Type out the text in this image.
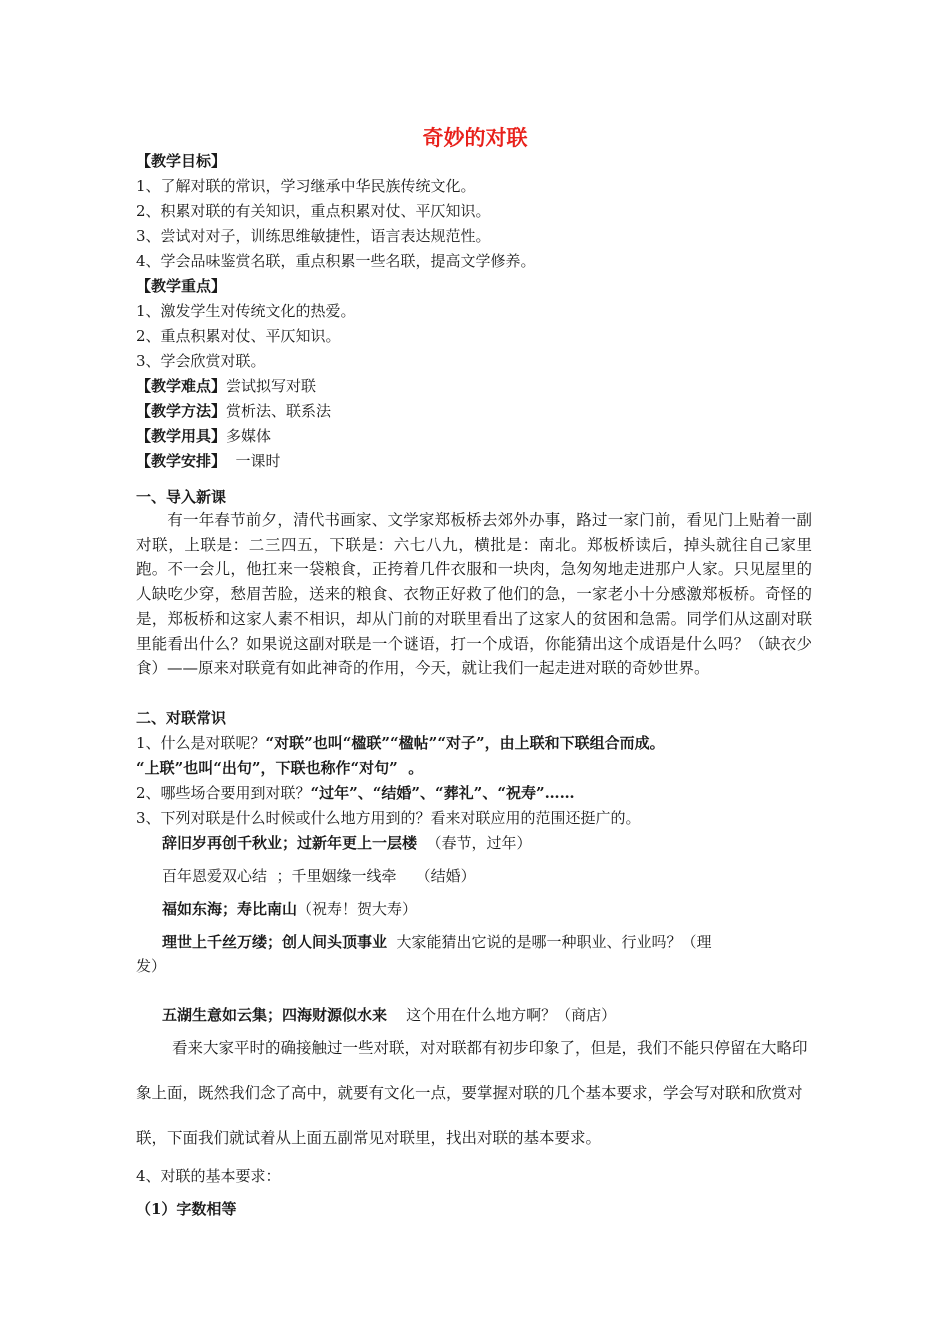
奇妙的对联
【教学目标】
1、了解对联的常识，学习继承中华民族传统文化。
2、积累对联的有关知识，重点积累对仗、平仄知识。
3、尝试对对子，训练思维敏捷性，语言表达规范性。
4、学会品味鉴赏名联，重点积累一些名联，提高文学修养。
【教学重点】
1、激发学生对传统文化的热爱。
2、重点积累对仗、平仄知识。
3、学会欣赏对联。
【教学难点】尝试拟写对联
【教学方法】赏析法、联系法
【教学用具】多媒体
【教学安排】  一课时
一、导入新课

有一年春节前夕，清代书画家、文学家郑板桥去郊外办事，路过一家门前，看见门上贴着一副对联，上联是：二三四五，下联是：六七八九，横批是：南北。郑板桥读后，掉头就往自己家里跑。不一会儿，他扛来一袋粮食，正挎着几件衣服和一块肉，急匆匆地走进那户人家。只见屋里的人缺吃少穿，愁眉苦脸，送来的粮食、衣物正好救了他们的急，一家老小十分感激郑板桥。奇怪的是，郑板桥和这家人素不相识，却从门前的对联里看出了这家人的贫困和急需。同学们从这副对联里能看出什么？如果说这副对联是一个谜语，打一个成语，你能猜出这个成语是什么吗？（缺衣少食）——原来对联竟有如此神奇的作用，今天，就让我们一起走进对联的奇妙世界。

二、对联常识
1、什么是对联呢？“对联”也叫“楹联”“楹帖”“对子”，由上联和下联组合而成。
“上联”也叫“出句”，下联也称作“对句”  。
2、哪些场合要用到对联？“过年”、“结婚”、“葬礼”、“祝寿”……
3、下列对联是什么时候或什么地方用到的？看来对联应用的范围还挺广的。
辞旧岁再创千秋业；过新年更上一层楼  （春节，过年）
百年恩爱双心结  ；千里姻缘一线牵    （结婚）
福如东海；寿比南山（祝寿！贺大寿）
理世上千丝万缕；创人间头顶事业  大家能猜出它说的是哪一种职业、行业吗？（理
发）
五湖生意如云集；四海财源似水来    这个用在什么地方啊？（商店）

看来大家平时的确接触过一些对联，对对联都有初步印象了，但是，我们不能只停留在大略印象上面，既然我们念了高中，就要有文化一点，要掌握对联的几个基本要求，学会写对联和欣赏对联，下面我们就试着从上面五副常见对联里，找出对联的基本要求。

4、对联的基本要求：
（1）字数相等
